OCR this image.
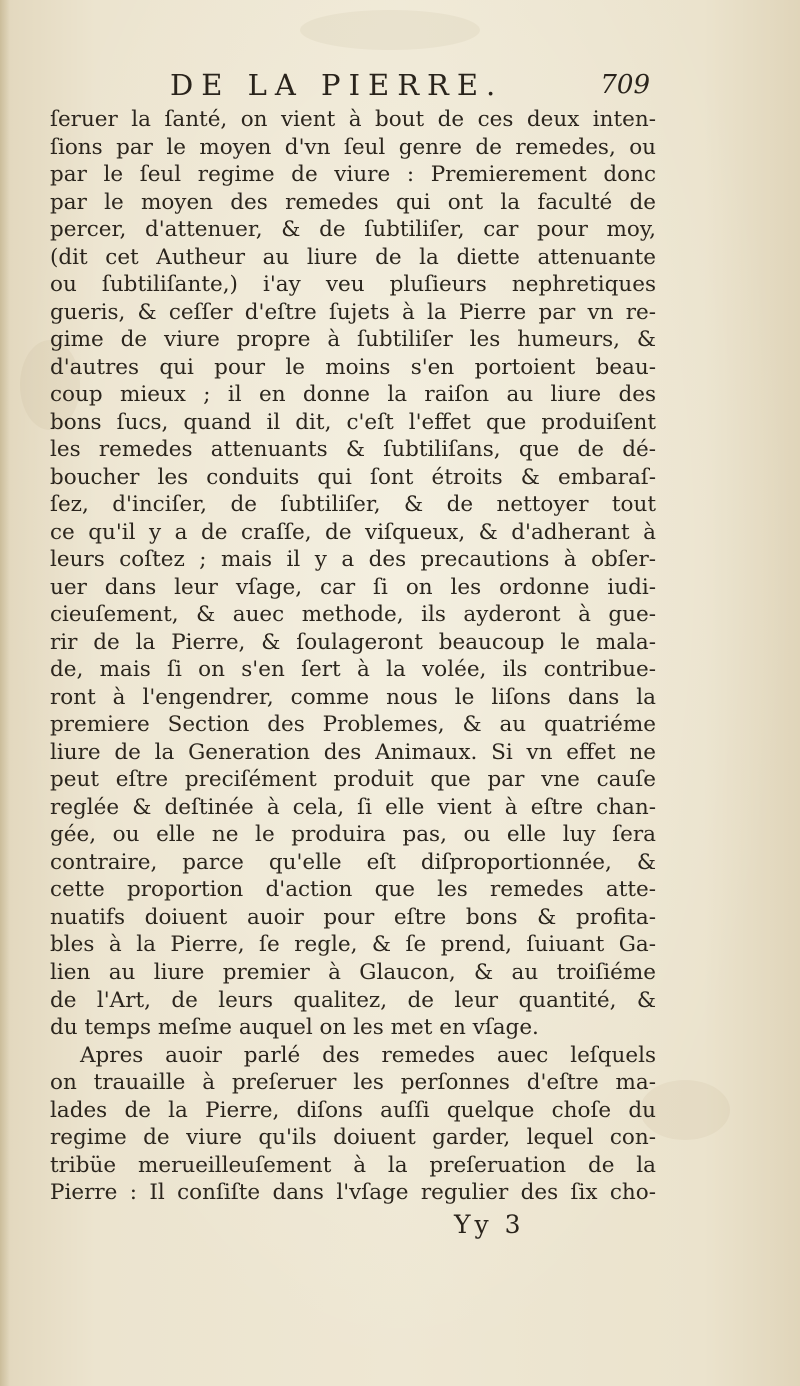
DE LA PIERRE.	709
ſeruer la ſanté, on vient à bout de ces deux inten-
ſions par le moyen d'vn ſeul genre de remedes, ou
par le ſeul regime de viure : Premierement donc
par le moyen des remedes qui ont la faculté de
percer, d'attenuer, & de ſubtiliſer, car pour moy,
(dit cet Autheur au liure de la diette attenuante
ou ſubtiliſante,) i'ay veu pluſieurs nephretiques
gueris, & ceſſer d'eſtre ſujets à la Pierre par vn re-
gime de viure propre à ſubtiliſer les humeurs, &
d'autres qui pour le moins s'en portoient beau-
coup mieux ; il en donne la raiſon au liure des
bons ſucs, quand il dit, c'eſt l'effet que produiſent
les remedes attenuants & ſubtiliſans, que de dé-
boucher les conduits qui ſont étroits & embaraſ-
ſez, d'inciſer, de ſubtiliſer, & de nettoyer tout
ce qu'il y a de craſſe, de viſqueux, & d'adherant à
leurs coſtez ; mais il y a des precautions à obſer-
uer dans leur vſage, car ſi on les ordonne iudi-
cieuſement, & auec methode, ils ayderont à gue-
rir de la Pierre, & ſoulageront beaucoup le mala-
de, mais ſi on s'en ſert à la volée, ils contribue-
ront à l'engendrer, comme nous le liſons dans la
premiere Section des Problemes, & au quatriéme
liure de la Generation des Animaux. Si vn effet ne
peut eſtre preciſément produit que par vne cauſe
reglée & deſtinée à cela, ſi elle vient à eſtre chan-
gée, ou elle ne le produira pas, ou elle luy ſera
contraire, parce qu'elle eſt diſproportionnée, &
cette proportion d'action que les remedes atte-
nuatifs doiuent auoir pour eſtre bons & profita-
bles à la Pierre, ſe regle, & ſe prend, ſuiuant Ga-
lien au liure premier à Glaucon, & au troiſiéme
de l'Art, de leurs qualitez, de leur quantité, &
du temps meſme auquel on les met en vſage.
Apres auoir parlé des remedes auec leſquels
on trauaille à preſeruer les perſonnes d'eſtre ma-
lades de la Pierre, diſons auſſi quelque choſe du
regime de viure qu'ils doiuent garder, lequel con-
tribüe merueilleuſement à la preſeruation de la
Pierre : Il conſiſte dans l'vſage regulier des ſix cho-
Yy 3
